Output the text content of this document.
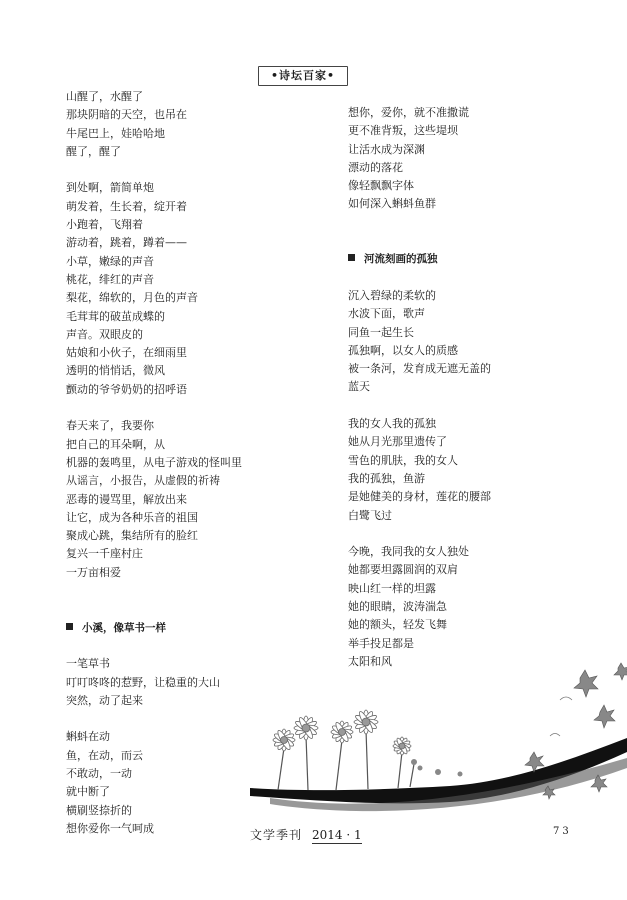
•诗坛百家•
山醒了，水醒了
那块阴暗的天空，也吊在
牛尾巴上，娃哈哈地
醒了，醒了
到处啊，箭简单炮
萌发着，生长着，绽开着
小跑着，飞翔着
游动着，跳着，蹲着——
小草，嫩绿的声音
桃花，绯红的声音
梨花，绵软的，月色的声音
毛茸茸的破茧成蝶的
声音。双眼皮的
姑娘和小伙子，在细雨里
透明的悄悄话，微风
颤动的爷爷奶奶的招呼语
春天来了，我要你
把自己的耳朵啊，从
机器的轰鸣里，从电子游戏的怪叫里
从谣言，小报告，从虚假的祈祷
恶毒的谩骂里，解放出来
让它，成为各种乐音的祖国
聚成心跳，集结所有的脸红
复兴一千座村庄
一万亩相爱
小溪，像草书一样
一笔草书
叮叮咚咚的惹野，让稳重的大山
突然，动了起来
蝌蚪在动
鱼，在动，而云
不敢动，一动
就中断了
横刷竖捺折的
想你爱你一气呵成
想你，爱你，就不准撒谎
更不准背叛，这些堤坝
让活水成为深渊
漂动的落花
像轻飘飘字体
如何深入蝌蚪鱼群
河流刻画的孤独
沉入碧绿的柔软的
水波下面，歌声
同鱼一起生长
孤独啊，以女人的质感
被一条河，发育成无遮无盖的
蓝天
我的女人我的孤独
她从月光那里遗传了
雪色的肌肤，我的女人
我的孤独，鱼游
是她健美的身材，莲花的腰部
白鹭飞过
今晚，我同我的女人独处
她都要坦露圆润的双肩
映山红一样的坦露
她的眼睛，波涛湍急
她的额头，轻发飞舞
举手投足都是
太阳和风
文学季刊 2014 · 1	73
